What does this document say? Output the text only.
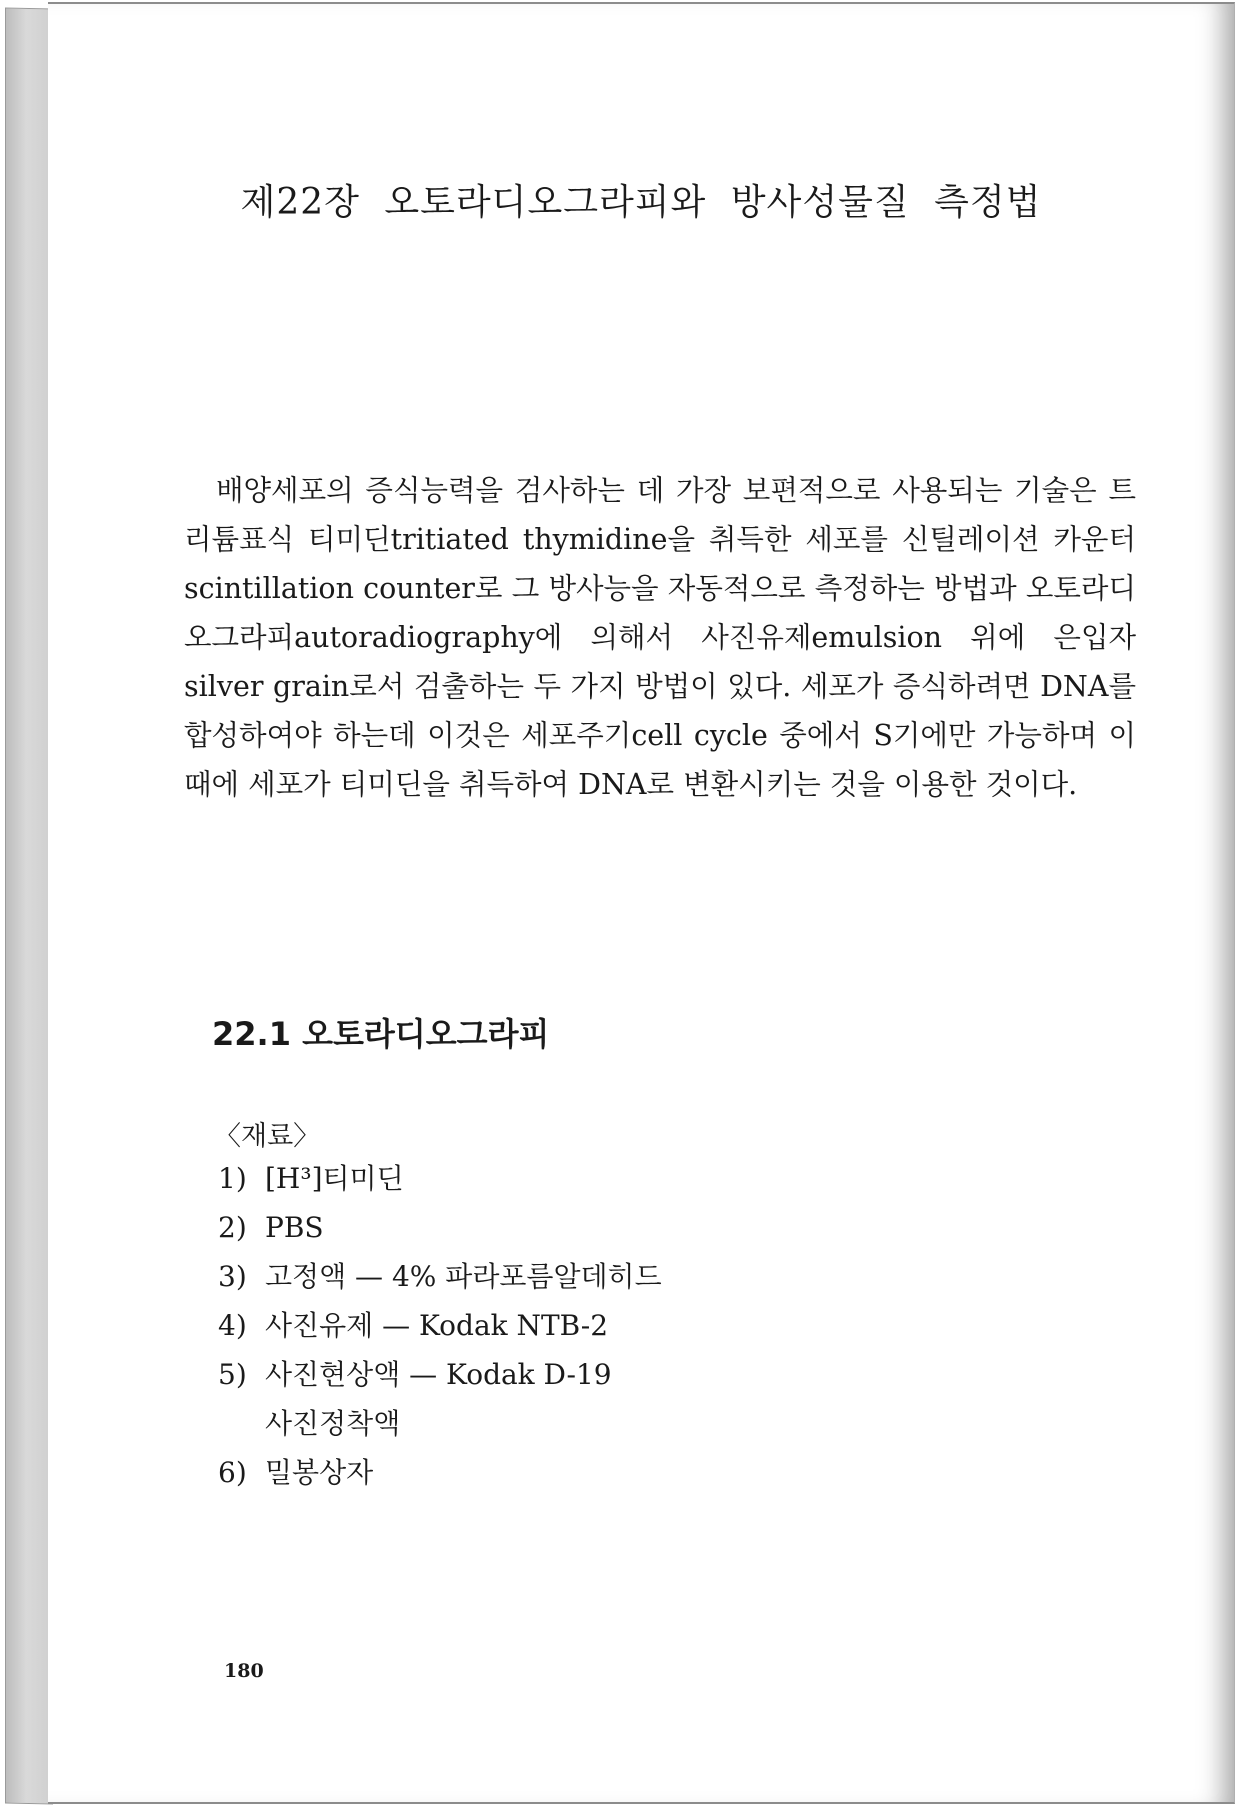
제22장 오토라디오그라피와 방사성물질 측정법

배양세포의 증식능력을 검사하는 데 가장 보편적으로 사용되는 기술은 트리튬표식 티미딘tritiated thymidine을 취득한 세포를 신틸레이션 카운터scintillation counter로 그 방사능을 자동적으로 측정하는 방법과 오토라디오그라피autoradiography에 의해서 사진유제emulsion 위에 은입자silver grain로서 검출하는 두 가지 방법이 있다. 세포가 증식하려면 DNA를 합성하여야 하는데 이것은 세포주기cell cycle 중에서 S기에만 가능하며 이때에 세포가 티미딘을 취득하여 DNA로 변환시키는 것을 이용한 것이다.

22.1 오토라디오그라피
〈재료〉
1) [H³]티미딘
2) PBS
3) 고정액 — 4% 파라포름알데히드
4) 사진유제 — Kodak NTB-2
5) 사진현상액 — Kodak D-19
사진정착액
6) 밀봉상자
180
